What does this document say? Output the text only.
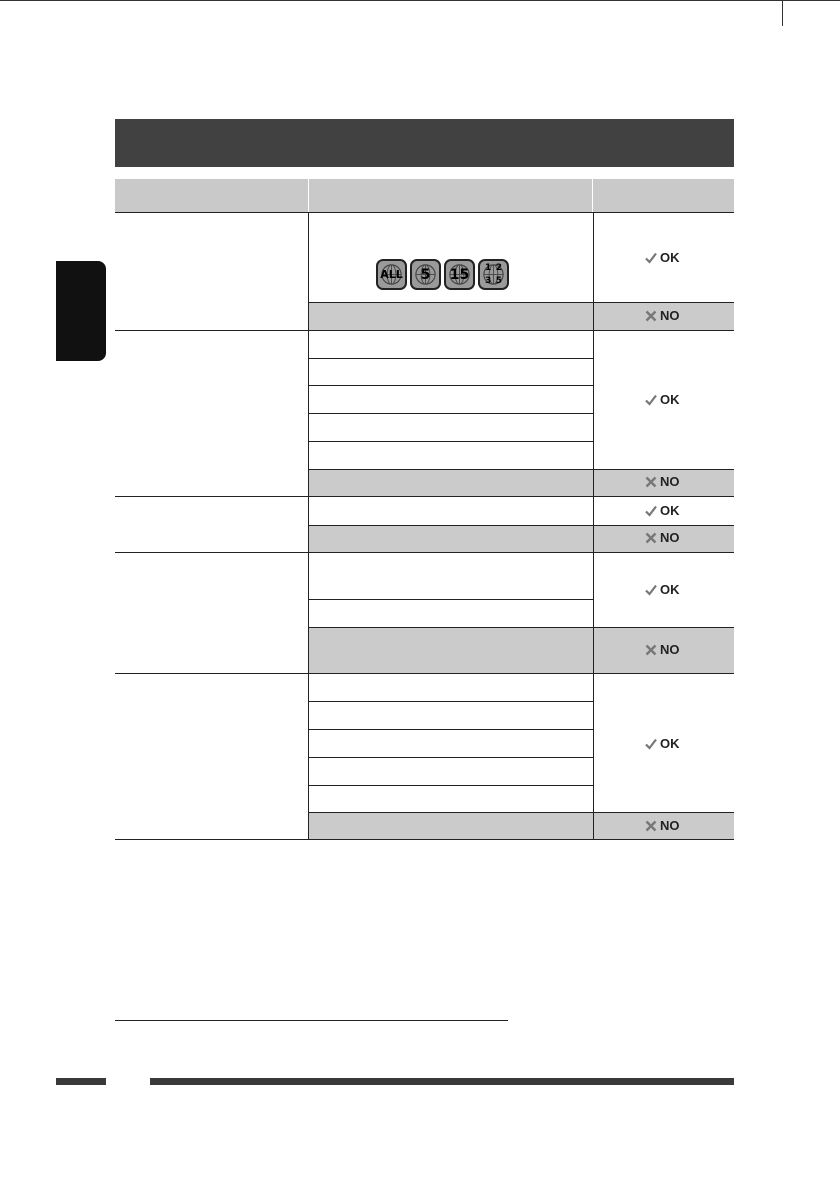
ALL 5 15 1 2
3 5
OK
OK
OK
OK
OK
NO
NO
NO
NO
NO
